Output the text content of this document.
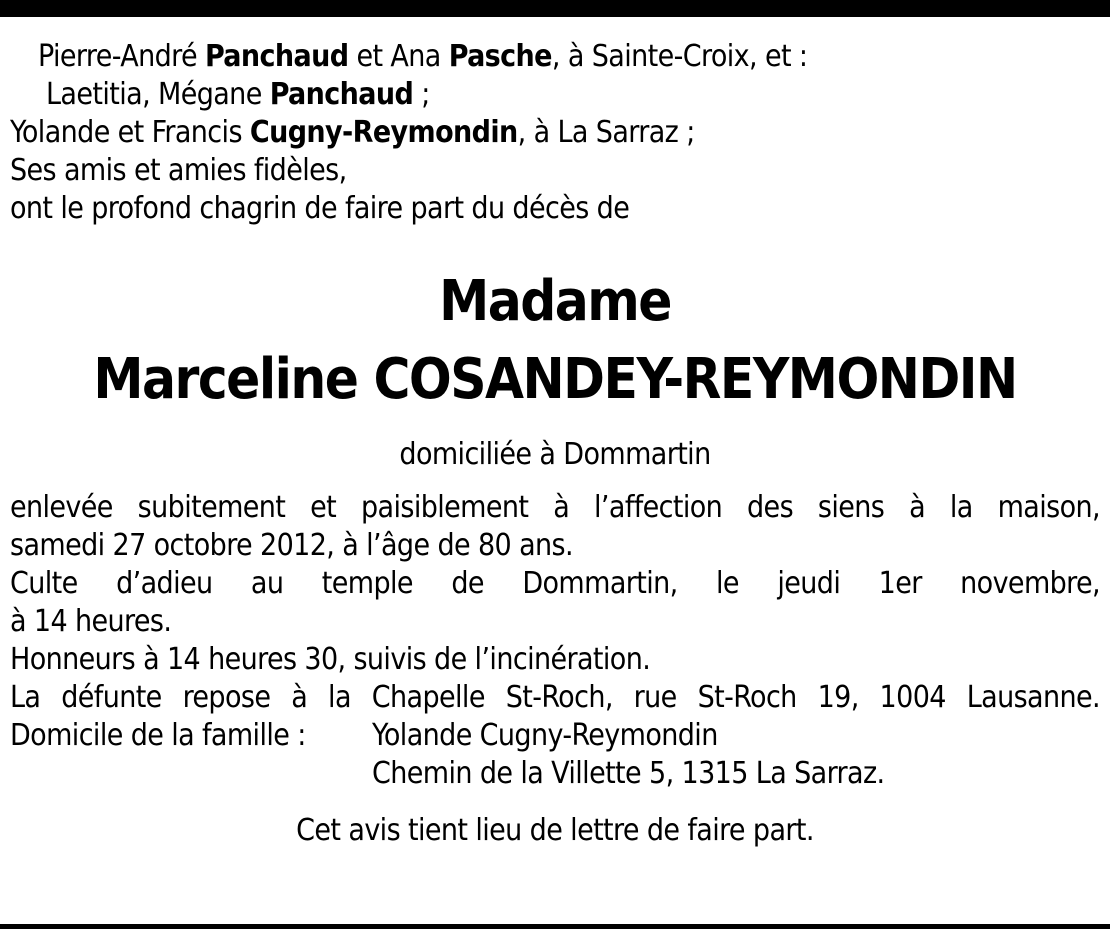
Pierre-André Panchaud et Ana Pasche, à Sainte-Croix, et :
Laetitia, Mégane Panchaud ;
Yolande et Francis Cugny-Reymondin, à La Sarraz ;
Ses amis et amies fidèles,
ont le profond chagrin de faire part du décès de
Madame
Marceline COSANDEY-REYMONDIN
domiciliée à Dommartin
enlevée subitement et paisiblement à l’affection des siens à la maison,
samedi 27 octobre 2012, à l’âge de 80 ans.
Culte d’adieu au temple de Dommartin, le jeudi 1er novembre,
à 14 heures.
Honneurs à 14 heures 30, suivis de l’incinération.
La défunte repose à la Chapelle St-Roch, rue St-Roch 19, 1004 Lausanne.
Domicile de la famille :	Yolande Cugny-Reymondin
Chemin de la Villette 5, 1315 La Sarraz.
Cet avis tient lieu de lettre de faire part.
